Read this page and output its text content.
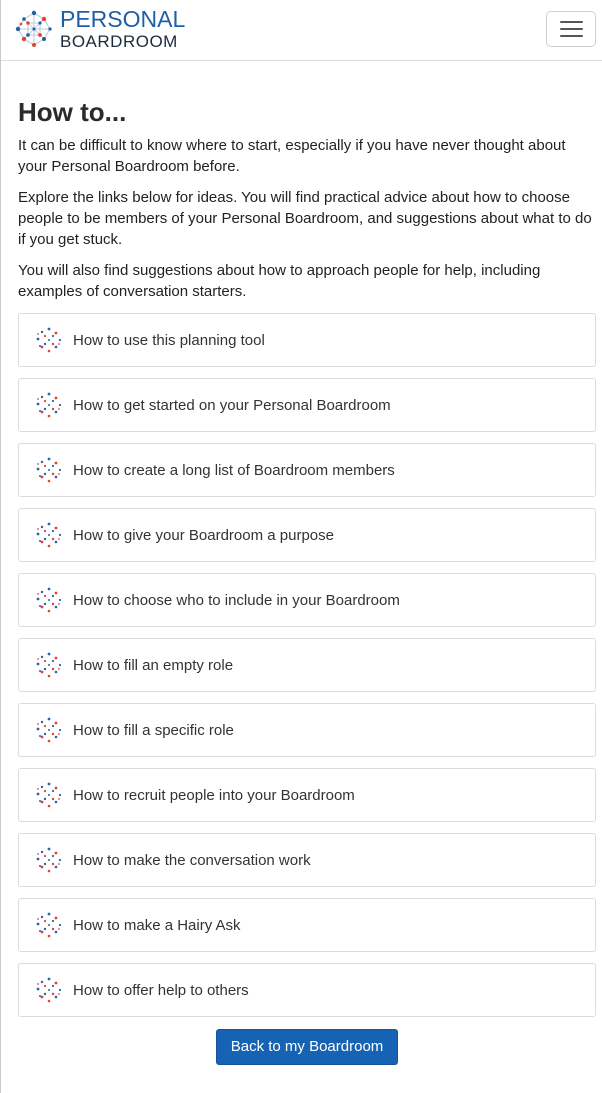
PERSONAL
BOARDROOM
How to...

It can be difficult to know where to start, especially if you have never thought about your Personal Boardroom before.

Explore the links below for ideas. You will find practical advice about how to choose people to be members of your Personal Boardroom, and suggestions about what to do if you get stuck.

You will also find suggestions about how to approach people for help, including examples of conversation starters.

How to use this planning tool
How to get started on your Personal Boardroom
How to create a long list of Boardroom members
How to give your Boardroom a purpose
How to choose who to include in your Boardroom
How to fill an empty role
How to fill a specific role
How to recruit people into your Boardroom
How to make the conversation work
How to make a Hairy Ask
How to offer help to others
Back to my Boardroom
